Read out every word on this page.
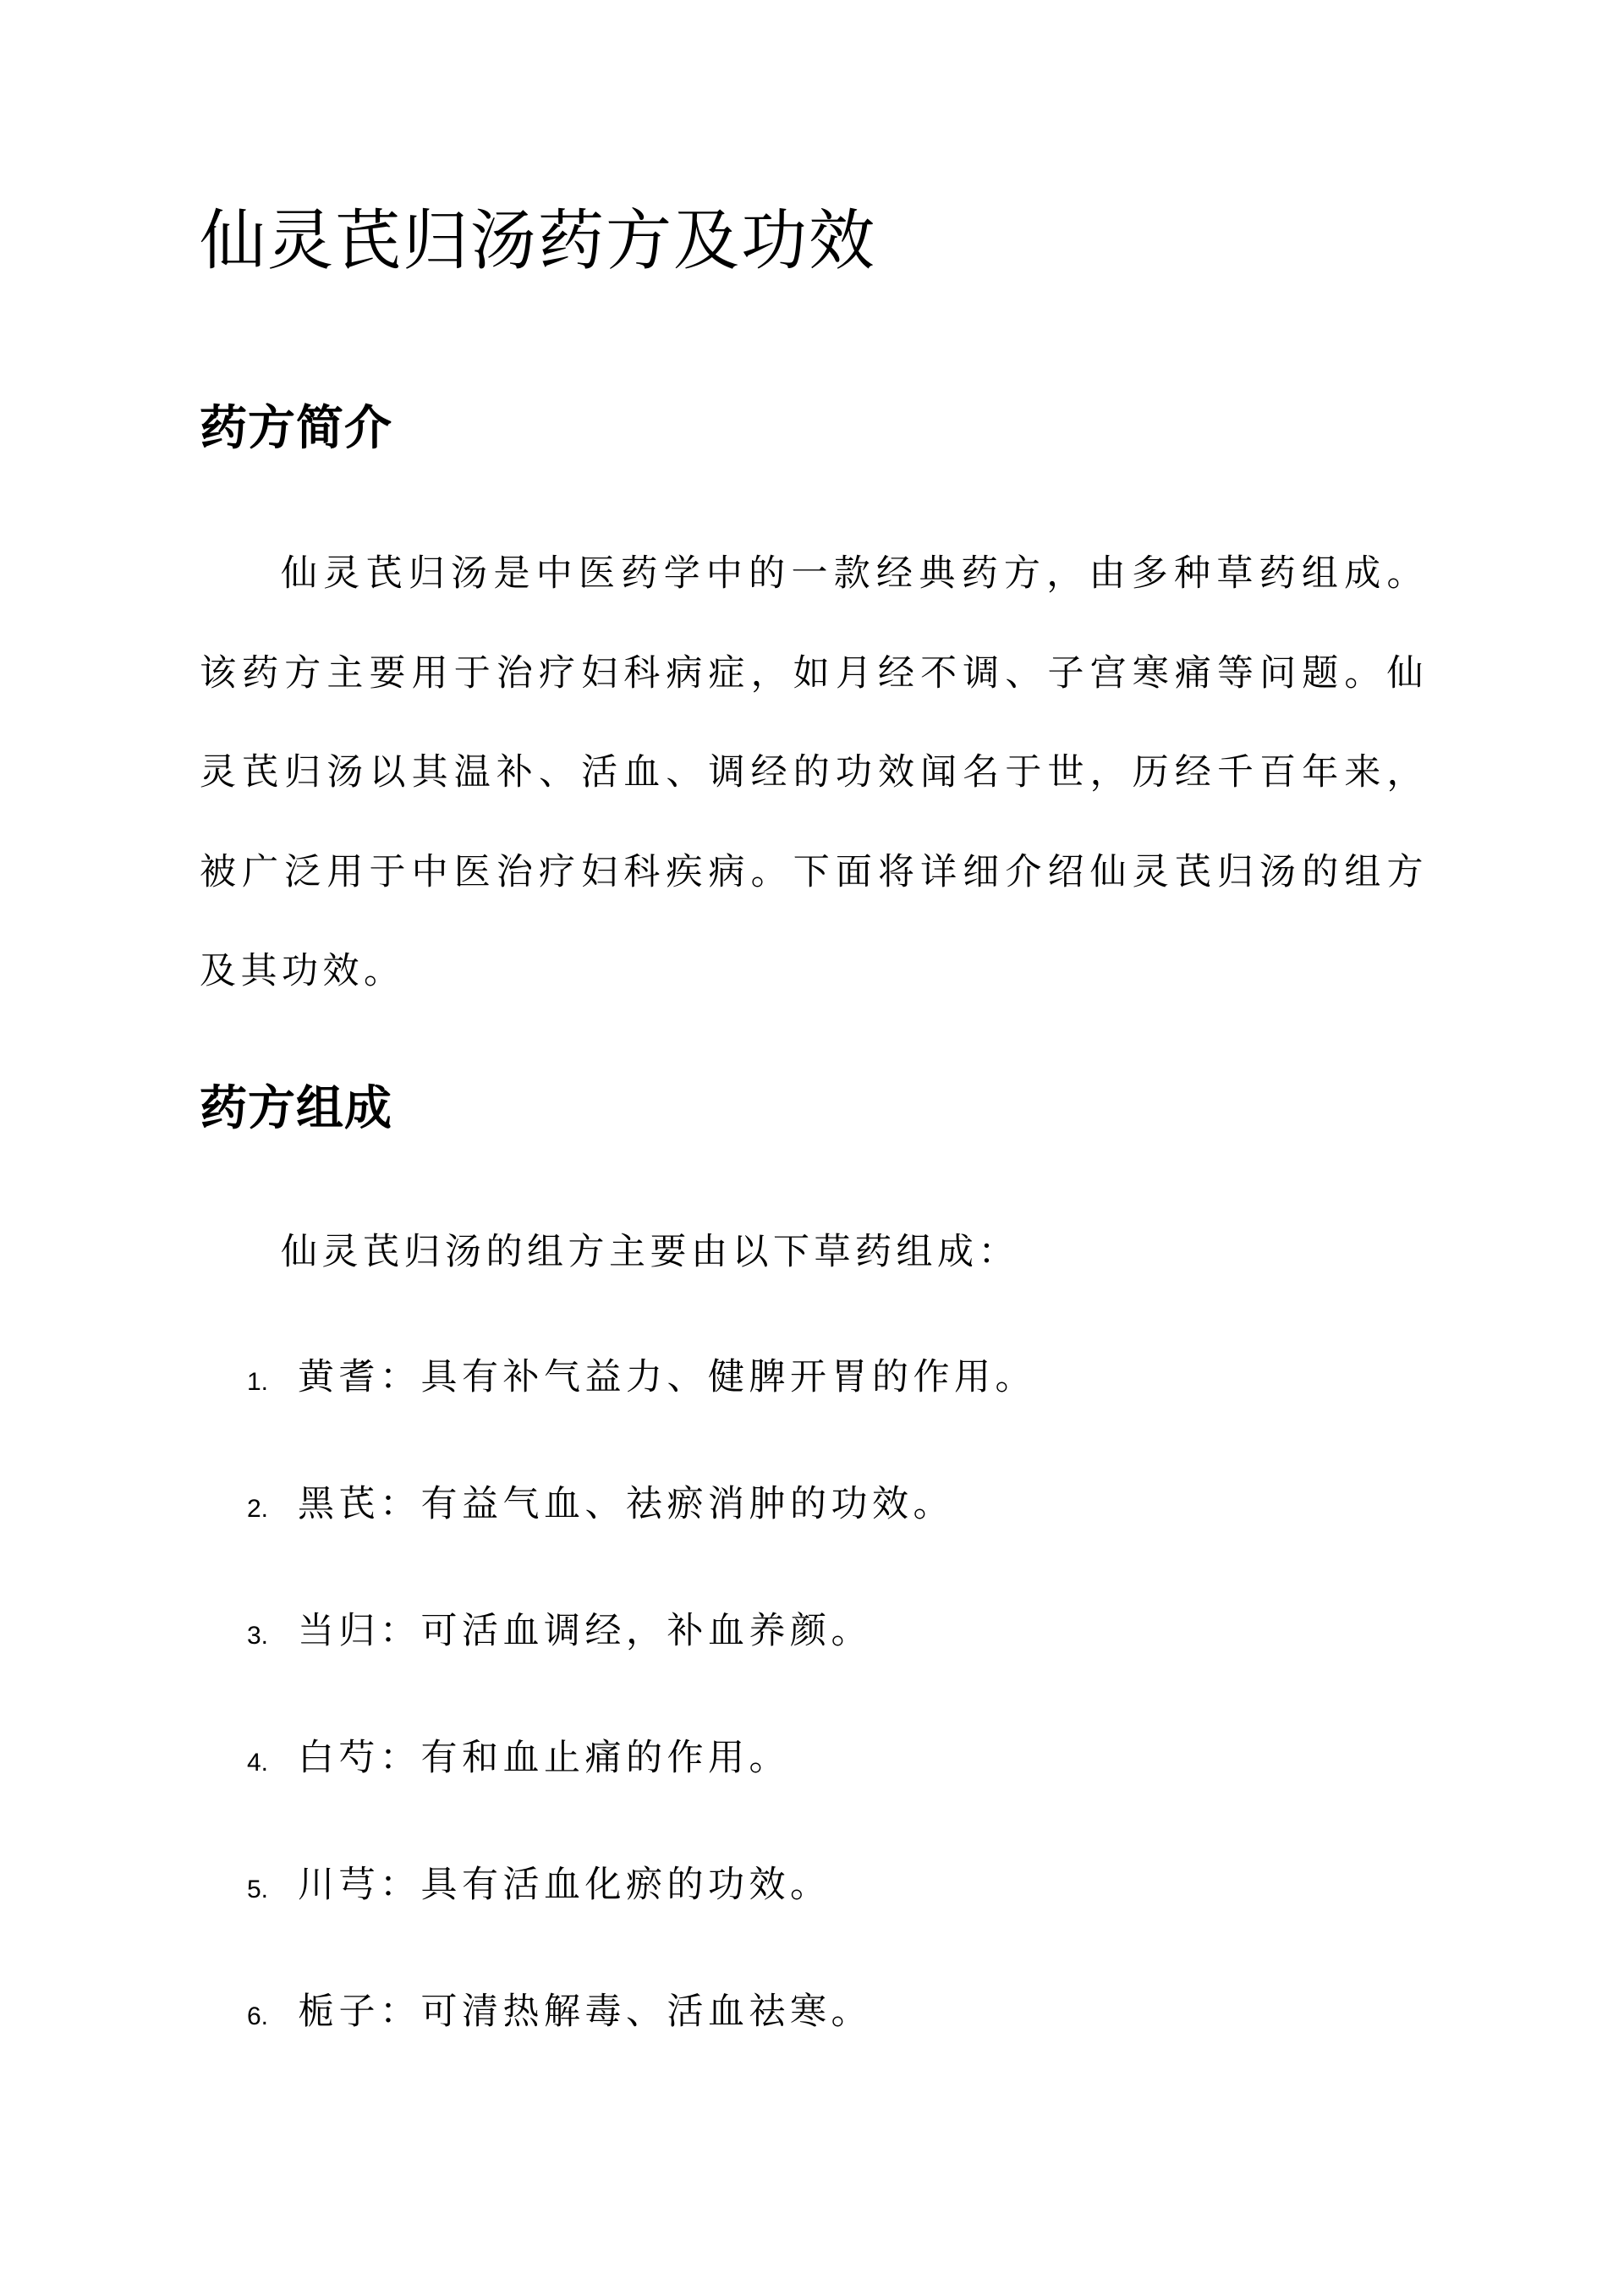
仙灵芪归汤药方及功效
药方简介

仙灵芪归汤是中医药学中的一款经典药方，由多种草药组成。该药方主要用于治疗妇科病症，如月经不调、子宫寒痛等问题。仙灵芪归汤以其温补、活血、调经的功效闻名于世，历经千百年来，被广泛用于中医治疗妇科疾病。下面将详细介绍仙灵芪归汤的组方及其功效。

药方组成

仙灵芪归汤的组方主要由以下草药组成：

1. 黄耆：具有补气益力、健脾开胃的作用。
2. 黑芪：有益气血、祛瘀消肿的功效。
3. 当归：可活血调经，补血养颜。
4. 白芍：有和血止痛的作用。
5. 川芎：具有活血化瘀的功效。
6. 栀子：可清热解毒、活血祛寒。
